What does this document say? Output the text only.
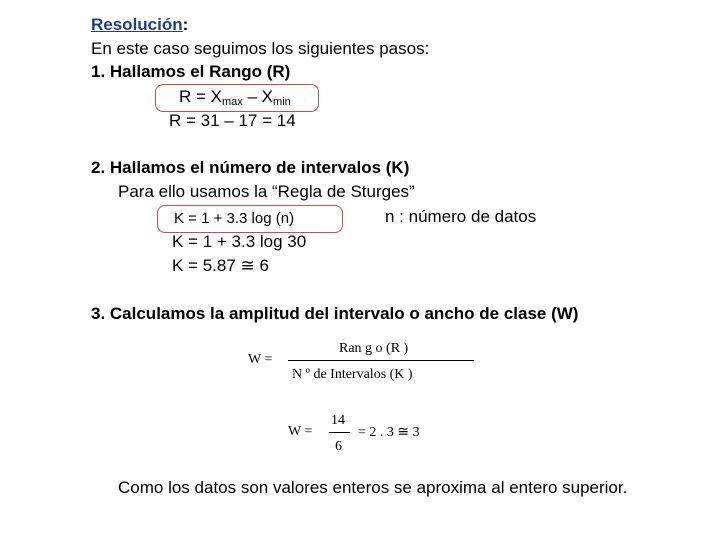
Resolución:
En este caso seguimos los siguientes pasos:
1. Hallamos el Rango (R)
$R = X_{max} - X_{min}$
R = 31 – 17 = 14
2. Hallamos el número de intervalos (K)
Para ello usamos la “Regla de Sturges”
K = 1 + 3.3 log (n)	n : número de datos
K = 1 + 3.3 log 30
K = 5.87 ≅ 6
3. Calculamos la amplitud del intervalo o ancho de clase (W)
W =
Ran g o (R )
N º de Intervalos (K )
W =
14
6
= 2 . 3 ≅ 3
Como los datos son valores enteros se aproxima al entero superior.
